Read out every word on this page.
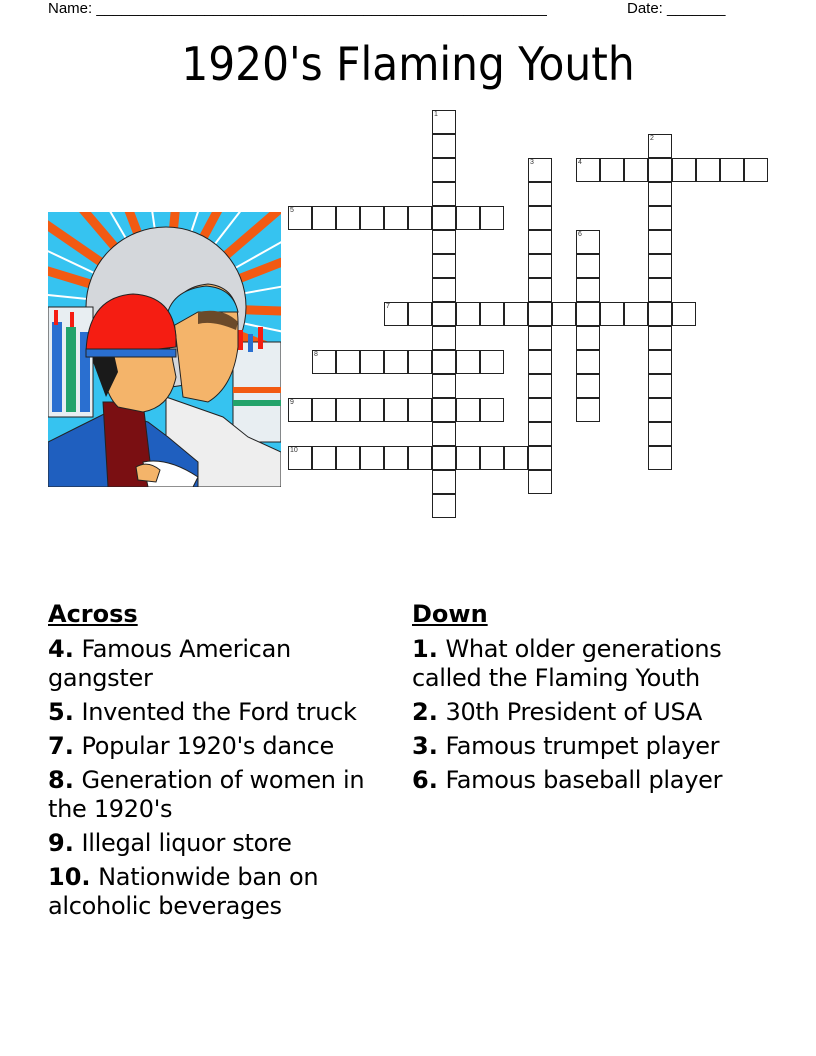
Name: ______________________________________________________	Date: _______
1920's Flaming Youth
1
2
3	4
5
6
7
8
9
10
Across
4. Famous American gangster
5. Invented the Ford truck
7. Popular 1920's dance
8. Generation of women in the 1920's
9. Illegal liquor store
10. Nationwide ban on alcoholic beverages
Down
1. What older generations called the Flaming Youth
2. 30th President of USA
3. Famous trumpet player
6. Famous baseball player
